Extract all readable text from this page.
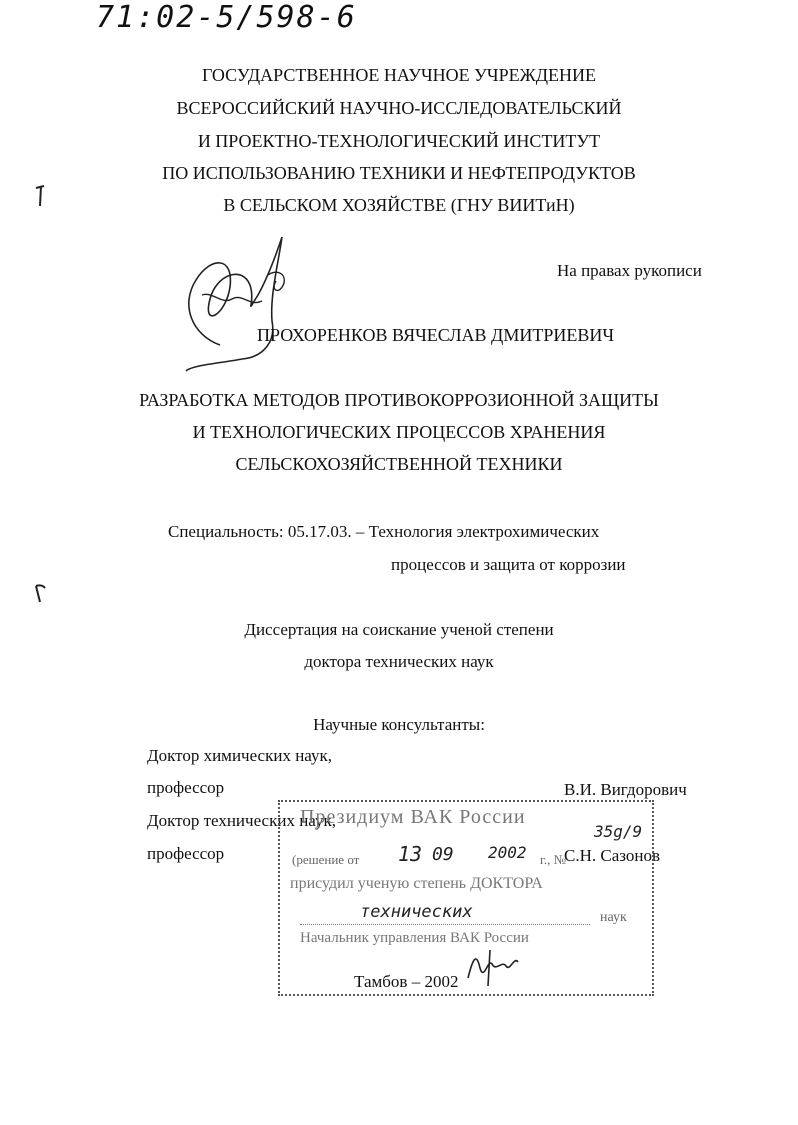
71:02-5/598-6
ГОСУДАРСТВЕННОЕ НАУЧНОЕ УЧРЕЖДЕНИЕ
ВСЕРОССИЙСКИЙ НАУЧНО-ИССЛЕДОВАТЕЛЬСКИЙ
И ПРОЕКТНО-ТЕХНОЛОГИЧЕСКИЙ ИНСТИТУТ
ПО ИСПОЛЬЗОВАНИЮ ТЕХНИКИ И НЕФТЕПРОДУКТОВ
В СЕЛЬСКОМ ХОЗЯЙСТВЕ (ГНУ ВИИТиН)
На правах рукописи
ПРОХОРЕНКОВ ВЯЧЕСЛАВ ДМИТРИЕВИЧ
РАЗРАБОТКА МЕТОДОВ ПРОТИВОКОРРОЗИОННОЙ ЗАЩИТЫ
И ТЕХНОЛОГИЧЕСКИХ ПРОЦЕССОВ ХРАНЕНИЯ
СЕЛЬСКОХОЗЯЙСТВЕННОЙ ТЕХНИКИ
Специальность: 05.17.03. – Технология электрохимических
процессов и защита от коррозии
Диссертация на соискание ученой степени
доктора технических наук
Научные консультанты:
Доктор химических наук,
профессор	В.И. Вигдорович
Доктор технических наук,
профессор	С.Н. Сазонов
Президиум ВАК России
(решение от 13 09 2002 г., №
35g/9
присудил ученую степень ДОКТОРА
технических	наук
Начальник управления ВАК России
Тамбов – 2002
